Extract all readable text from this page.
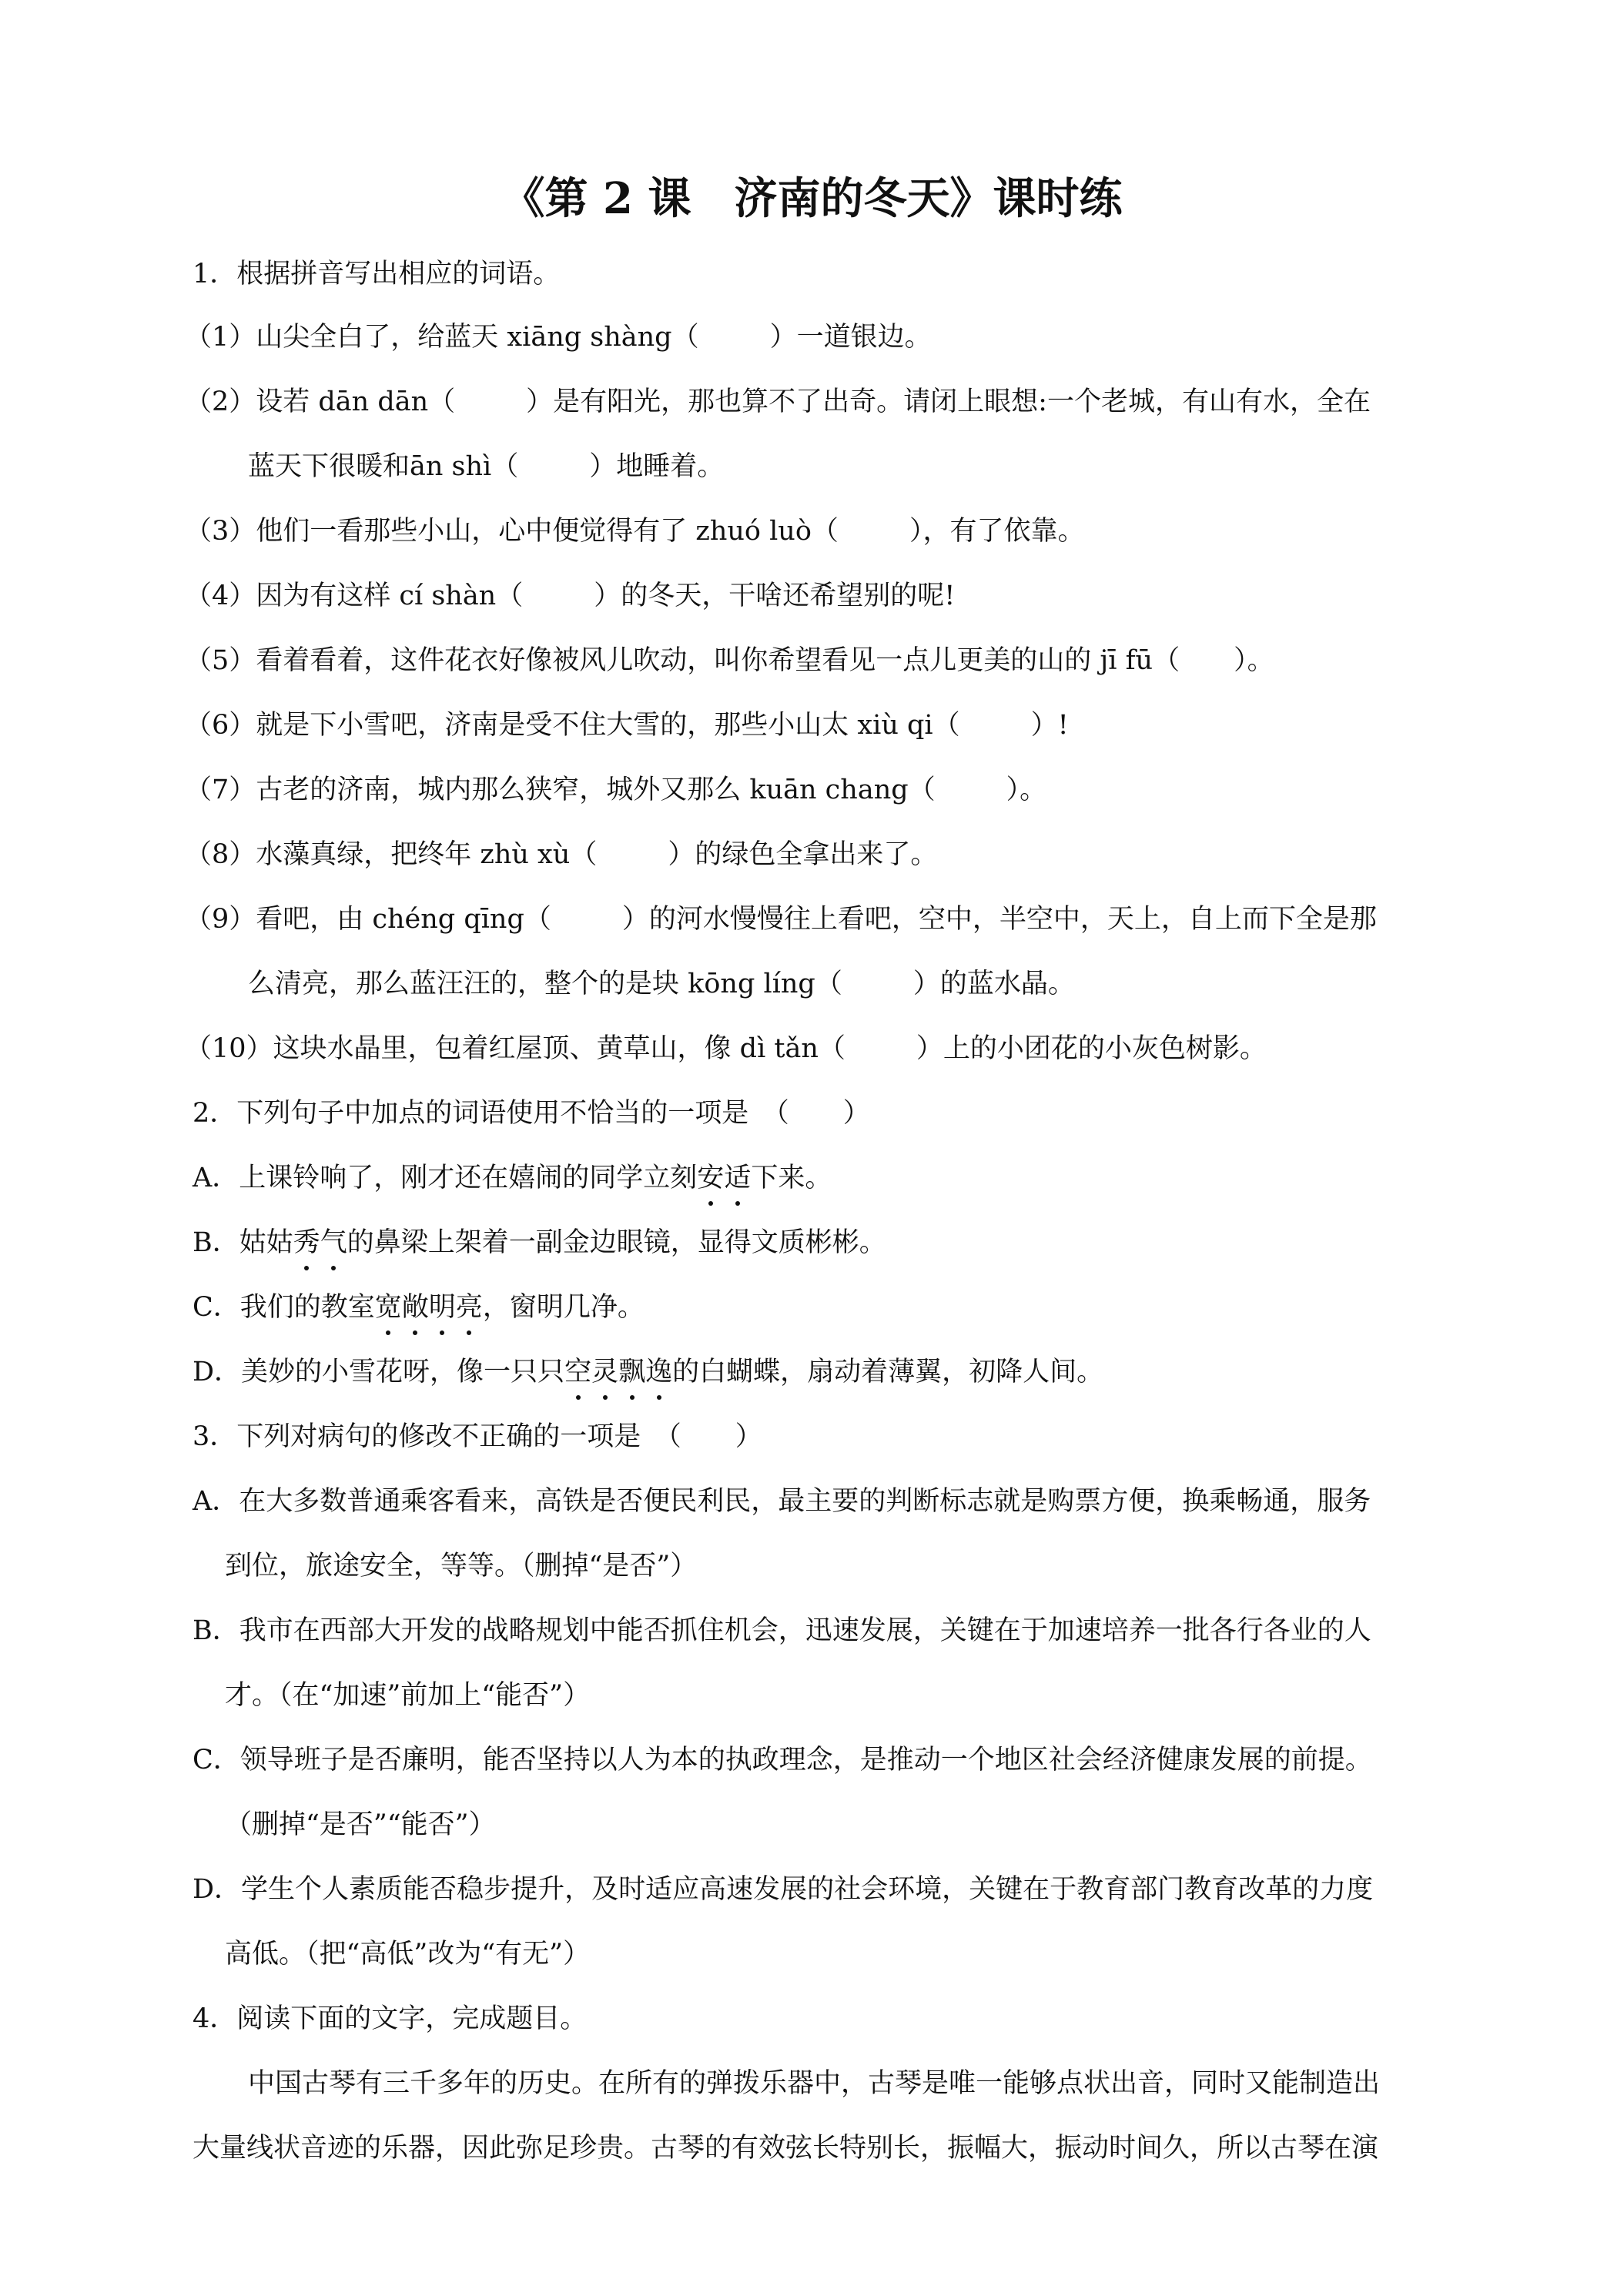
《第 2 课　济南的冬天》课时练
1．根据拼音写出相应的词语。
（1）山尖全白了，给蓝天 xiāng shàng（	）一道银边。
（2）设若 dān dān（	）是有阳光，那也算不了出奇。请闭上眼想:一个老城，有山有水，全在
蓝天下很暖和ān shì（	）地睡着。
（3）他们一看那些小山，心中便觉得有了 zhuó luò（	），有了依靠。
（4）因为有这样 cí shàn（	）的冬天，干啥还希望别的呢!
（5）看着看着，这件花衣好像被风儿吹动，叫你希望看见一点儿更美的山的 jī fū（ ）。
（6）就是下小雪吧，济南是受不住大雪的，那些小山太 xiù qi（	）!
（7）古老的济南，城内那么狭窄，城外又那么 kuān chang（	）。
（8）水藻真绿，把终年 zhù xù（	）的绿色全拿出来了。
（9）看吧，由 chéng qīng（	）的河水慢慢往上看吧，空中，半空中，天上，自上而下全是那
么清亮，那么蓝汪汪的，整个的是块 kōng líng（	）的蓝水晶。
（10）这块水晶里，包着红屋顶、黄草山，像 dì tǎn（	）上的小团花的小灰色树影。
2．下列句子中加点的词语使用不恰当的一项是　（　　）
A．上课铃响了，刚才还在嬉闹的同学立刻安适下来。
B．姑姑秀气的鼻梁上架着一副金边眼镜，显得文质彬彬。
C．我们的教室宽敞明亮，窗明几净。
D．美妙的小雪花呀，像一只只空灵飘逸的白蝴蝶，扇动着薄翼，初降人间。
3．下列对病句的修改不正确的一项是　（　　）
A．在大多数普通乘客看来，高铁是否便民利民，最主要的判断标志就是购票方便，换乘畅通，服务
到位，旅途安全，等等。（删掉“是否”）
B．我市在西部大开发的战略规划中能否抓住机会，迅速发展，关键在于加速培养一批各行各业的人
才。（在“加速”前加上“能否”）
C．领导班子是否廉明，能否坚持以人为本的执政理念，是推动一个地区社会经济健康发展的前提。
（删掉“是否”“能否”）
D．学生个人素质能否稳步提升，及时适应高速发展的社会环境，关键在于教育部门教育改革的力度
高低。（把“高低”改为“有无”）
4．阅读下面的文字，完成题目。
中国古琴有三千多年的历史。在所有的弹拨乐器中，古琴是唯一能够点状出音，同时又能制造出
大量线状音迹的乐器，因此弥足珍贵。古琴的有效弦长特别长，振幅大，振动时间久，所以古琴在演
